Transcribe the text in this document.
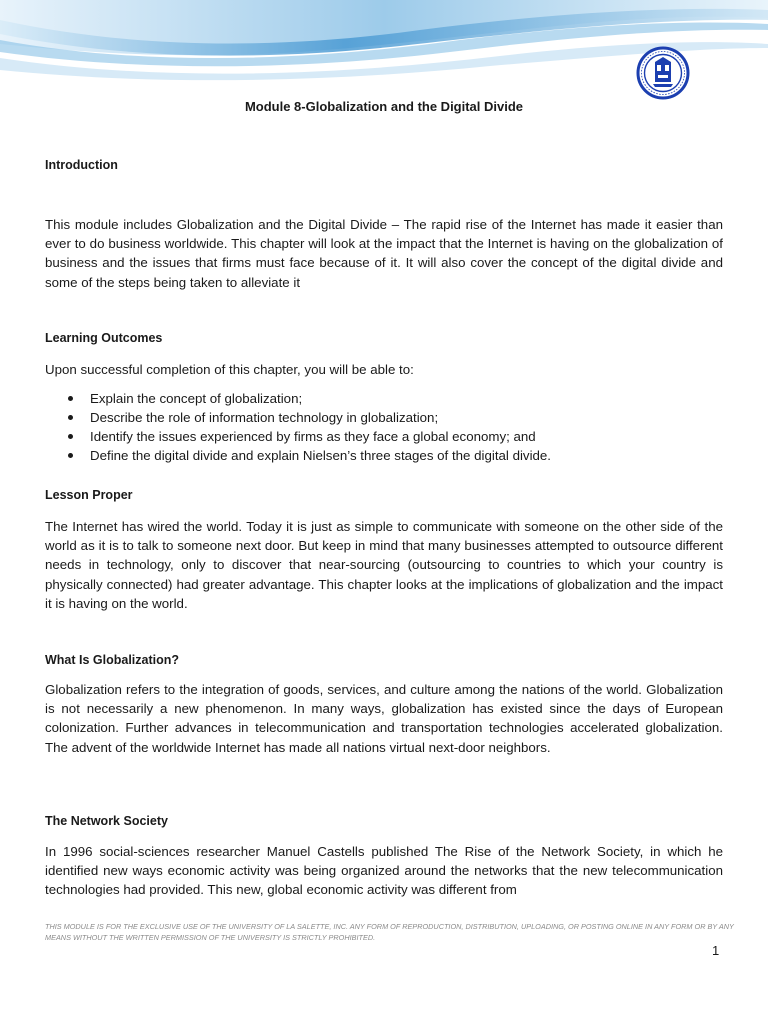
Module 8-Globalization and the Digital Divide
Introduction

This module includes Globalization and the Digital Divide – The rapid rise of the Internet has made it easier than ever to do business worldwide. This chapter will look at the impact that the Internet is having on the globalization of business and the issues that firms must face because of it. It will also cover the concept of the digital divide and some of the steps being taken to alleviate it

Learning Outcomes

Upon successful completion of this chapter, you will be able to:

Explain the concept of globalization;
Describe the role of information technology in globalization;
Identify the issues experienced by firms as they face a global economy; and
Define the digital divide and explain Nielsen’s three stages of the digital divide.
Lesson Proper

The Internet has wired the world. Today it is just as simple to communicate with someone on the other side of the world as it is to talk to someone next door. But keep in mind that many businesses attempted to outsource different needs in technology, only to discover that near-sourcing (outsourcing to countries to which your country is physically connected) had greater advantage. This chapter looks at the implications of globalization and the impact it is having on the world.

What Is Globalization?

Globalization refers to the integration of goods, services, and culture among the nations of the world. Globalization is not necessarily a new phenomenon. In many ways, globalization has existed since the days of European colonization. Further advances in telecommunication and transportation technologies accelerated globalization. The advent of the worldwide Internet has made all nations virtual next-door neighbors.

The Network Society

In 1996 social-sciences researcher Manuel Castells published The Rise of the Network Society, in which he identified new ways economic activity was being organized around the networks that the new telecommunication technologies had provided. This new, global economic activity was different from

THIS MODULE IS FOR THE EXCLUSIVE USE OF THE UNIVERSITY OF LA SALETTE, INC. ANY FORM OF REPRODUCTION, DISTRIBUTION, UPLOADING, OR POSTING ONLINE IN ANY FORM OR BY ANY MEANS WITHOUT THE WRITTEN PERMISSION OF THE UNIVERSITY IS STRICTLY PROHIBITED.

1
